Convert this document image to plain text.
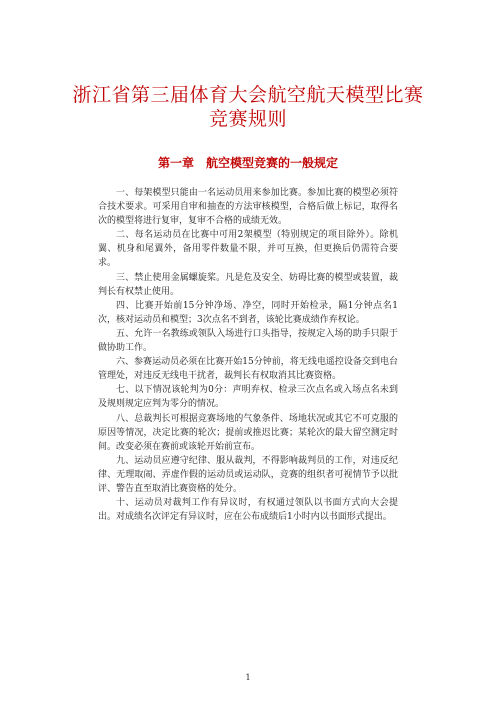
浙江省第三届体育大会航空航天模型比赛
竞赛规则
第一章　航空模型竞赛的一般规定

一、每架模型只能由一名运动员用来参加比赛。参加比赛的模型必须符合技术要求。可采用自审和抽查的方法审核模型，合格后做上标记，取得名次的模型将进行复审，复审不合格的成绩无效。

二、每名运动员在比赛中可用2架模型（特别规定的项目除外）。除机翼、机身和尾翼外，备用零件数量不限，并可互换，但更换后仍需符合要求。

三、禁止使用金属螺旋桨。凡是危及安全、妨碍比赛的模型或装置，裁判长有权禁止使用。

四、比赛开始前15分钟净场、净空，同时开始检录，隔1分钟点名1次，核对运动员和模型；3次点名不到者，该轮比赛成绩作弃权论。

五、允许一名教练或领队入场进行口头指导，按规定入场的助手只限于做协助工作。

六、参赛运动员必须在比赛开始15分钟前，将无线电遥控设备交到电台管理处，对违反无线电干扰者，裁判长有权取消其比赛资格。

七、以下情况该轮判为0分：声明弃权、检录三次点名或入场点名未到及规则规定应判为零分的情况。

八、总裁判长可根据竞赛场地的气象条件、场地状况或其它不可克服的原因等情况，决定比赛的轮次；提前或推迟比赛；某轮次的最大留空测定时间。改变必须在赛前或该轮开始前宣布。

九、运动员应遵守纪律、服从裁判，不得影响裁判员的工作，对违反纪律、无理取闹、弄虚作假的运动员或运动队，竞赛的组织者可视情节予以批评、警告直至取消比赛资格的处分。

十、运动员对裁判工作有异议时，有权通过领队以书面方式向大会提出。对成绩名次评定有异议时，应在公布成绩后1小时内以书面形式提出。

1
